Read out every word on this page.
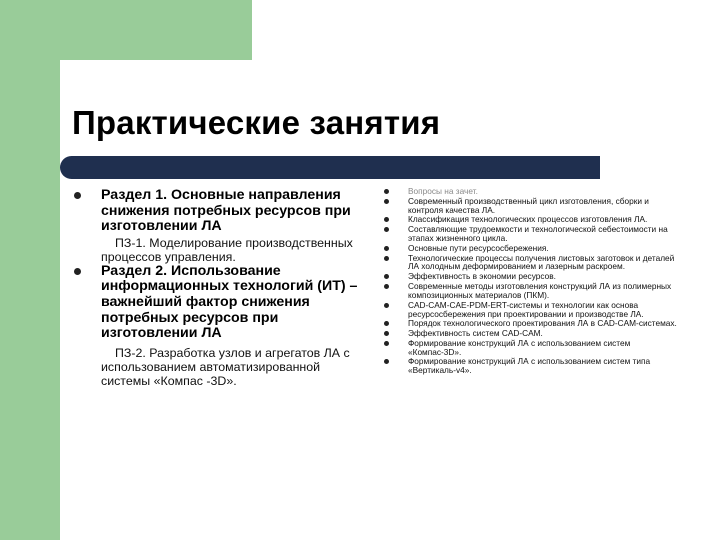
Практические занятия
Раздел 1. Основные направления снижения потребных ресурсов при изготовлении ЛА
ПЗ-1. Моделирование производственных процессов управления.
Раздел 2. Использование информационных технологий (ИТ) – важнейший фактор снижения потребных ресурсов при изготовлении ЛА
ПЗ-2. Разработка узлов и агрегатов ЛА с использованием автоматизированной системы «Компас -3D».
Вопросы на зачет.
Современный производственный цикл изготовления, сборки и контроля качества ЛА.
Классификация технологических процессов изготовления ЛА.
Составляющие трудоемкости и технологической себестоимости на этапах жизненного цикла.
Основные пути ресурсосбережения.
Технологические процессы получения листовых заготовок и деталей ЛА холодным деформированием и лазерным раскроем.
Эффективность в экономии ресурсов.
Современные методы изготовления конструкций ЛА из полимерных композиционных материалов (ПКМ).
CAD-CAM-CAE-PDM-ERT-системы и технологии как основа ресурсосбережения при проектировании и производстве ЛА.
Порядок технологического проектирования ЛА в CAD-CAM-системах.
Эффективность систем CAD-CAM.
Формирование конструкций ЛА с использованием систем «Компас-3D».
Формирование конструкций ЛА с использованием систем типа      «Вертикаль-v4».
